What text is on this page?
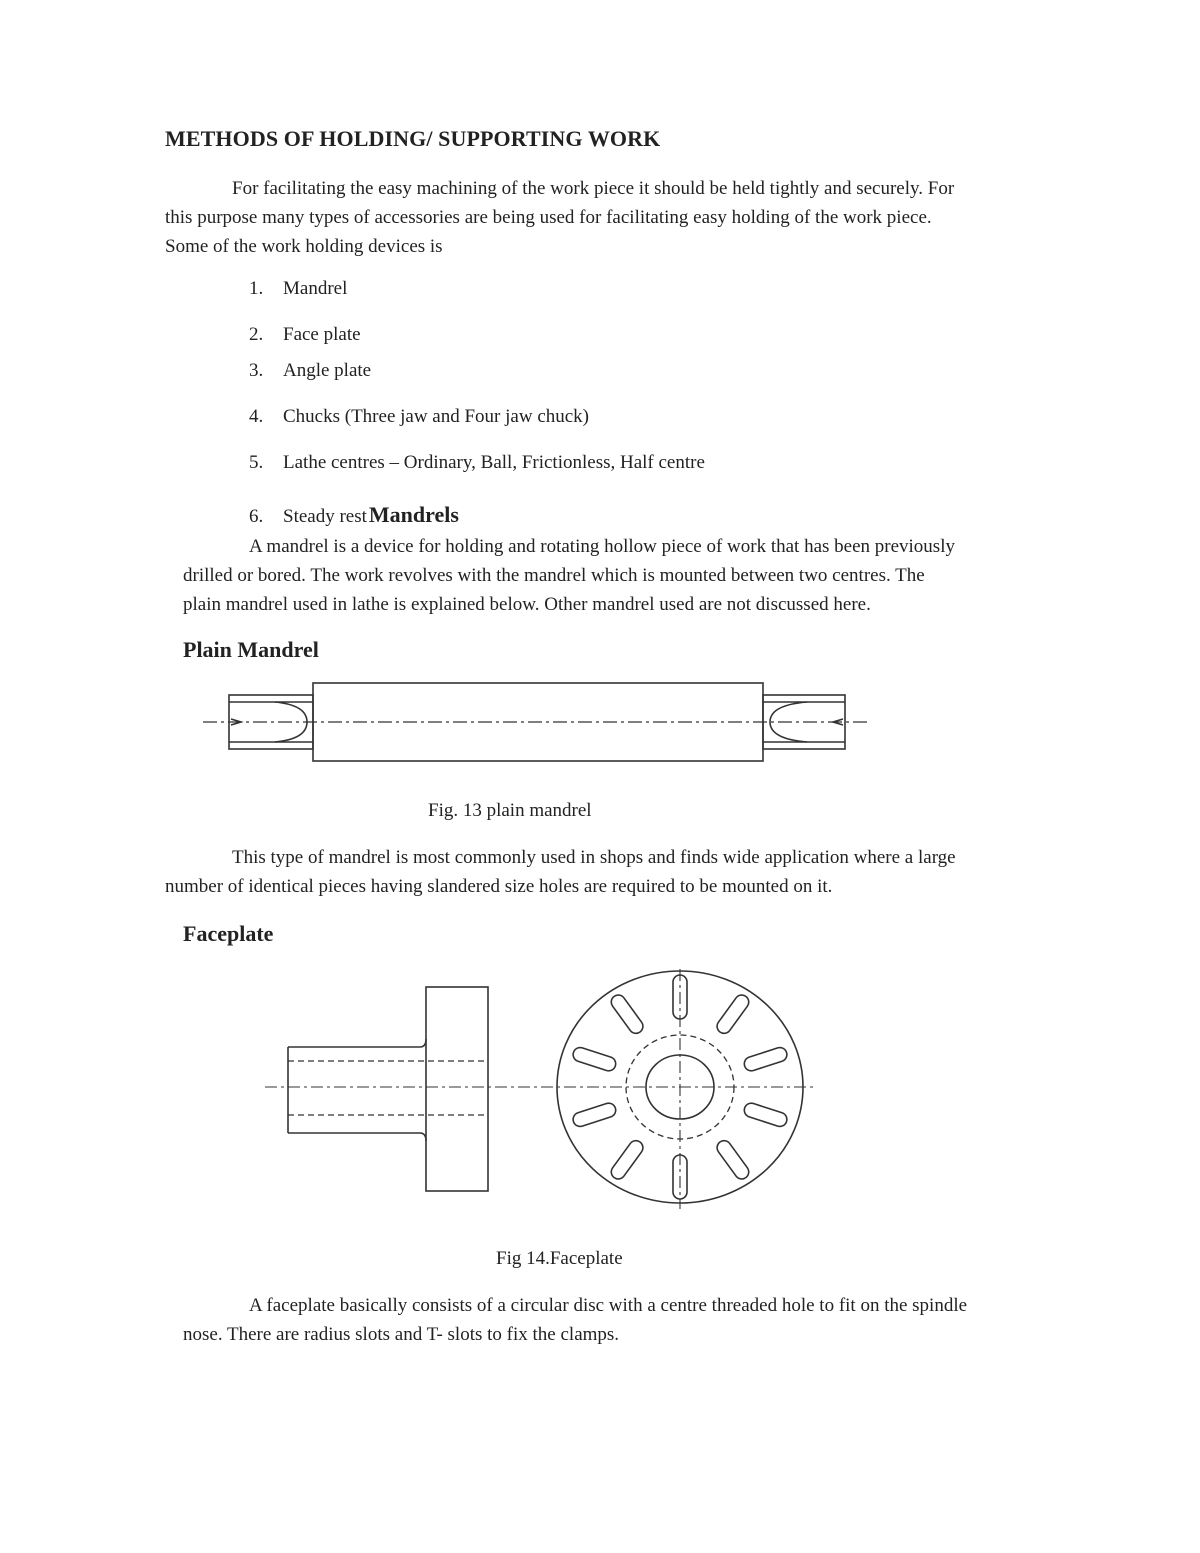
METHODS OF HOLDING/ SUPPORTING WORK
For facilitating the easy machining of the work piece it should be held tightly and securely. For
this purpose many types of accessories are being used for facilitating easy holding of the work piece.
Some of the work holding devices is
1. Mandrel
2. Face plate
3. Angle plate
4. Chucks (Three jaw and Four jaw chuck)
5. Lathe centres – Ordinary, Ball, Frictionless, Half centre
6. Steady restMandrels
A mandrel is a device for holding and rotating hollow piece of work that has been previously
drilled or bored. The work revolves with the mandrel which is mounted between two centres. The
plain mandrel used in lathe is explained below. Other mandrel used are not discussed here.
Plain Mandrel
Fig. 13 plain mandrel
This type of mandrel is most commonly used in shops and finds wide application where a large
number of identical pieces having slandered size holes are required to be mounted on it.
Faceplate
Fig 14.Faceplate
A faceplate basically consists of a circular disc with a centre threaded hole to fit on the spindle
nose. There are radius slots and T- slots to fix the clamps.
